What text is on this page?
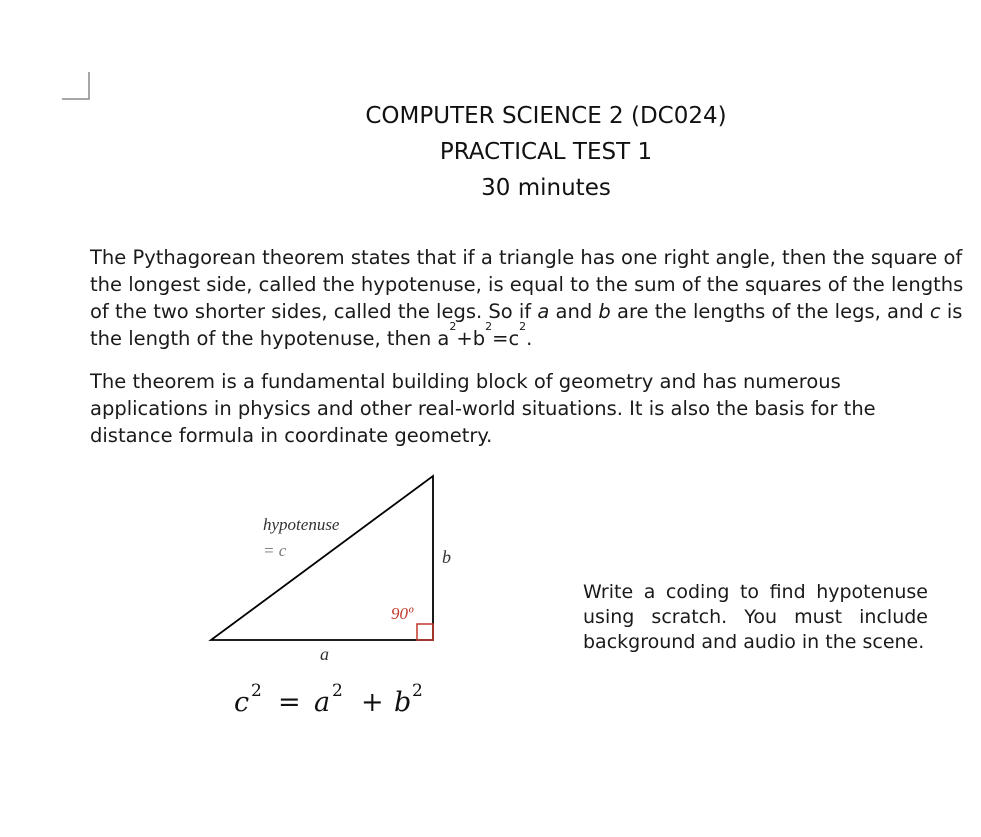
COMPUTER SCIENCE 2 (DC024)
PRACTICAL TEST 1
30 minutes
The Pythagorean theorem states that if a triangle has one right angle, then the square of the longest side, called the hypotenuse, is equal to the sum of the squares of the lengths of the two shorter sides, called the legs. So if a and b are the lengths of the legs, and c is the length of the hypotenuse, then $a^2+b^2=c^2$.
The theorem is a fundamental building block of geometry and has numerous applications in physics and other real-world situations. It is also the basis for the distance formula in coordinate geometry.
hypotenuse
= c	b
90º
a
c 2 = a 2 + b 2
Write a coding to find hypotenuse using scratch. You must include background and audio in the scene.
